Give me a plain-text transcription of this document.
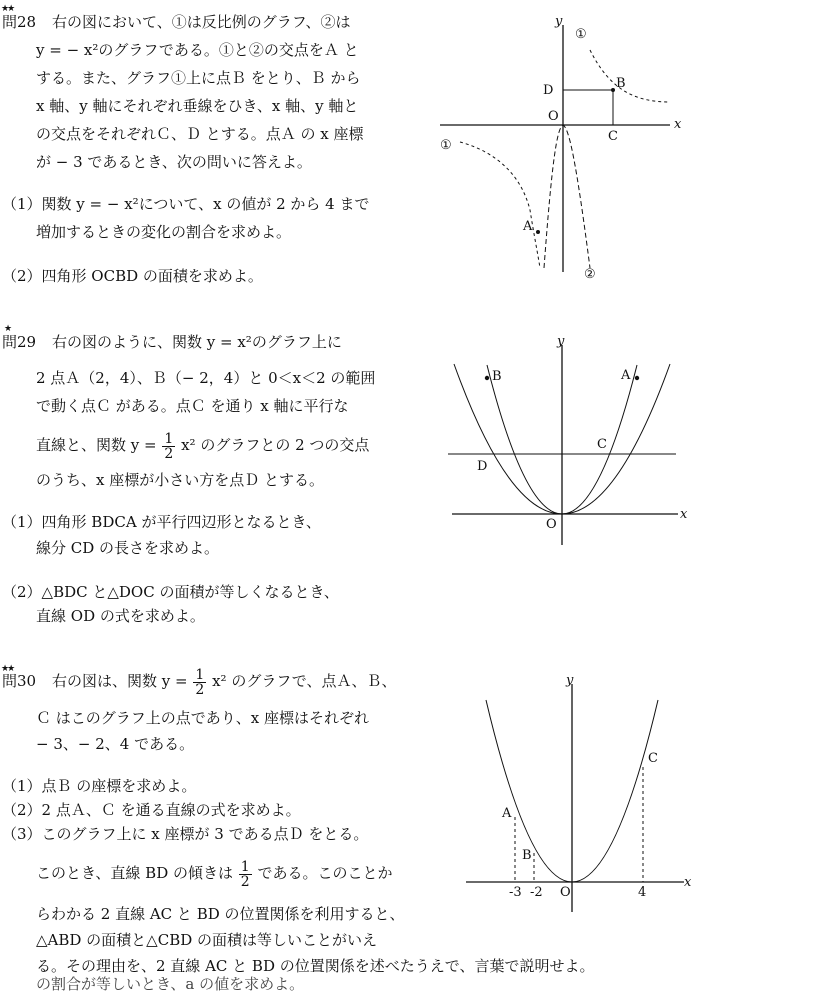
★★
問28 右の図において、①は反比例のグラフ、②は
y = − x²のグラフである。①と②の交点をＡ と
する。また、グラフ①上に点Ｂ をとり、Ｂ から
x 軸、y 軸にそれぞれ垂線をひき、x 軸、y 軸と
の交点をそれぞれＣ、Ｄ とする。点Ａ の x 座標
が − 3 であるとき、次の問いに答えよ。
（1）関数 y = − x²について、x の値が 2 から 4 まで
増加するときの変化の割合を求めよ。
（2）四角形 OCBD の面積を求めよ。
y
x
O
B
C
D
A
①
①
②
★
問29 右の図のように、関数 y = x²のグラフ上に
2 点Ａ（2，4）、Ｂ（− 2，4）と 0＜x＜2 の範囲
で動く点Ｃ がある。点Ｃ を通り x 軸に平行な
直線と、関数 $y = \frac{1}{2} x^2$ のグラフとの 2 つの交点
のうち、x 座標が小さい方を点Ｄ とする。
（1）四角形 BDCA が平行四辺形となるとき、
線分 CD の長さを求めよ。
（2）△BDC と△DOC の面積が等しくなるとき、
直線 OD の式を求めよ。
y
x
O
A
B
C
D
★★
問30 右の図は、関数 $y = \frac{1}{2} x^2$ のグラフで、点Ａ、Ｂ、
Ｃ はこのグラフ上の点であり、x 座標はそれぞれ
− 3、− 2、4 である。
（1）点Ｂ の座標を求めよ。
（2）2 点Ａ、Ｃ を通る直線の式を求めよ。
（3）このグラフ上に x 座標が 3 である点Ｄ をとる。
このとき、直線 BD の傾きは $\frac{1}{2}$ である。このことか
らわかる 2 直線 AC と BD の位置関係を利用すると、
△ABD の面積と△CBD の面積は等しいことがいえ
る。その理由を、2 直線 AC と BD の位置関係を述べたうえで、言葉で説明せよ。
の割合が等しいとき、a の値を求めよ。
y
x
O
A
B
C
-3 -2	4
